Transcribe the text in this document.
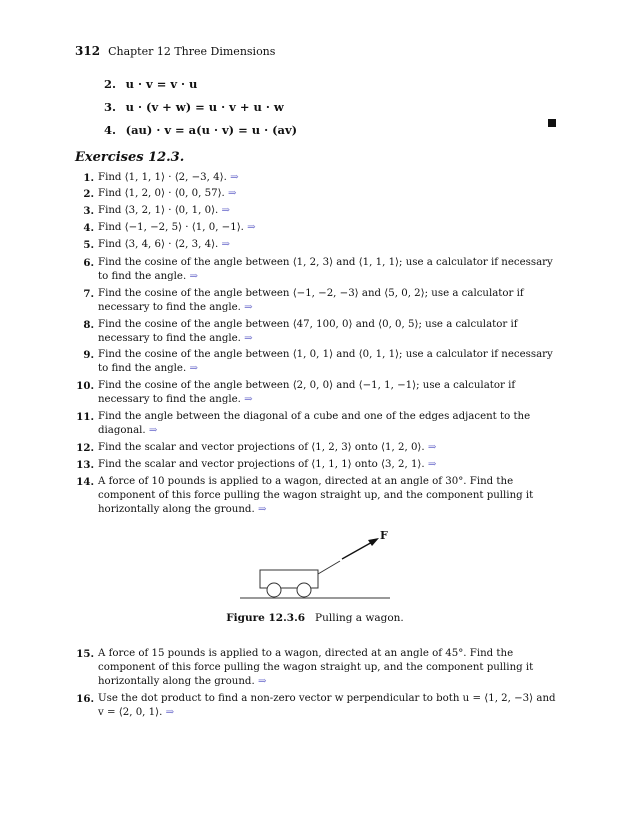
312 Chapter 12 Three Dimensions
2. u · v = v · u
3. u · (v + w) = u · v + u · w
4. (au) · v = a(u · v) = u · (av)
Exercises 12.3.
1. Find ⟨1, 1, 1⟩ · ⟨2, −3, 4⟩. ⇒
2. Find ⟨1, 2, 0⟩ · ⟨0, 0, 57⟩. ⇒
3. Find ⟨3, 2, 1⟩ · ⟨0, 1, 0⟩. ⇒
4. Find ⟨−1, −2, 5⟩ · ⟨1, 0, −1⟩. ⇒
5. Find ⟨3, 4, 6⟩ · ⟨2, 3, 4⟩. ⇒
6. Find the cosine of the angle between ⟨1, 2, 3⟩ and ⟨1, 1, 1⟩; use a calculator if necessary to find the angle. ⇒
7. Find the cosine of the angle between ⟨−1, −2, −3⟩ and ⟨5, 0, 2⟩; use a calculator if necessary to find the angle. ⇒
8. Find the cosine of the angle between ⟨47, 100, 0⟩ and ⟨0, 0, 5⟩; use a calculator if necessary to find the angle. ⇒
9. Find the cosine of the angle between ⟨1, 0, 1⟩ and ⟨0, 1, 1⟩; use a calculator if necessary to find the angle. ⇒
10. Find the cosine of the angle between ⟨2, 0, 0⟩ and ⟨−1, 1, −1⟩; use a calculator if necessary to find the angle. ⇒
11. Find the angle between the diagonal of a cube and one of the edges adjacent to the diagonal. ⇒
12. Find the scalar and vector projections of ⟨1, 2, 3⟩ onto ⟨1, 2, 0⟩. ⇒
13. Find the scalar and vector projections of ⟨1, 1, 1⟩ onto ⟨3, 2, 1⟩. ⇒
14. A force of 10 pounds is applied to a wagon, directed at an angle of 30°. Find the component of this force pulling the wagon straight up, and the component pulling it horizontally along the ground. ⇒
F
Figure 12.3.6 Pulling a wagon.
15. A force of 15 pounds is applied to a wagon, directed at an angle of 45°. Find the component of this force pulling the wagon straight up, and the component pulling it horizontally along the ground. ⇒
16. Use the dot product to find a non-zero vector w perpendicular to both u = ⟨1, 2, −3⟩ and v = ⟨2, 0, 1⟩. ⇒
